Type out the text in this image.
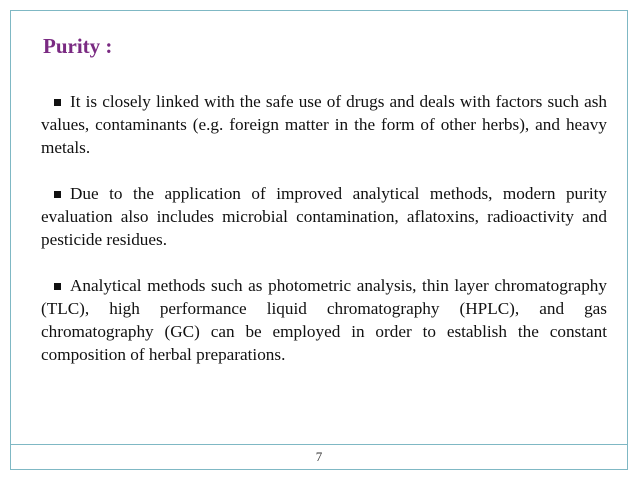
Purity :

It is closely linked with the safe use of drugs and deals with factors such ash values, contaminants (e.g. foreign matter in the form of other herbs), and heavy metals.

Due to the application of improved analytical methods, modern purity evaluation also includes microbial contamination, aflatoxins, radioactivity and pesticide residues.

Analytical methods such as photometric analysis, thin layer chromatography (TLC), high performance liquid chromatography (HPLC), and gas chromatography (GC) can be employed in order to establish the constant composition of herbal preparations.

7
